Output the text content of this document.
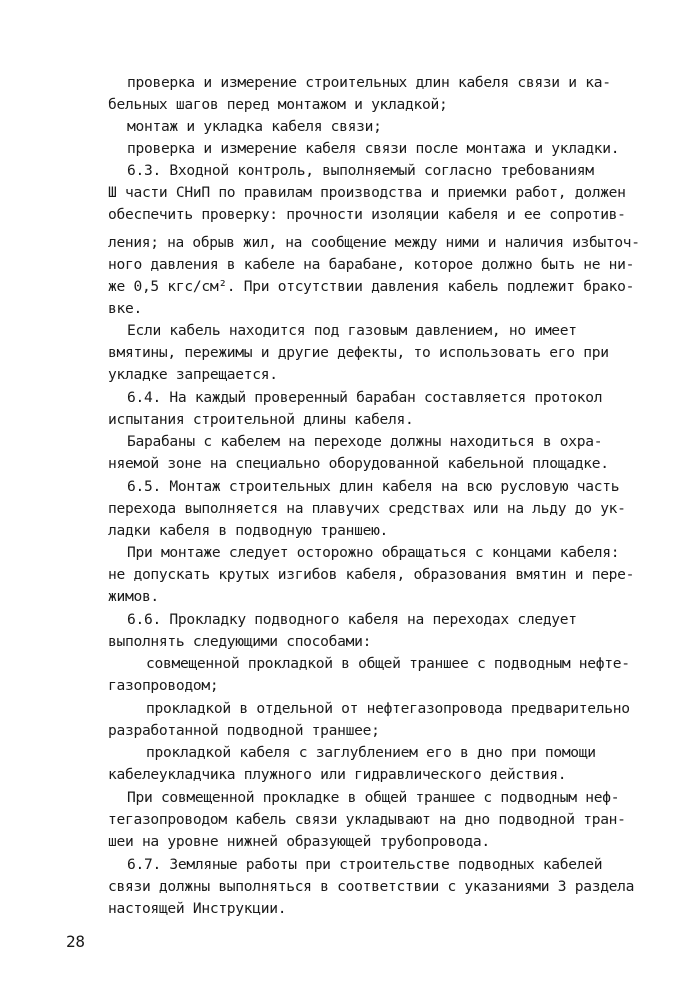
проверка и измерение строительных длин кабеля связи и ка-
бельных шагов перед монтажом и укладкой;
монтаж и укладка кабеля связи;
проверка и измерение кабеля связи после монтажа и укладки.
6.3. Входной контроль, выполняемый согласно требованиям
Ш части СНиП по правилам производства и приемки работ, должен
обеспечить проверку: прочности изоляции кабеля и ее сопротив-
ления; на обрыв жил, на сообщение между ними и наличия избыточ-
ного давления в кабеле на барабане, которое должно быть не ни-
же 0,5 кгс/см². При отсутствии давления кабель подлежит брако-
вке.
Если кабель находится под газовым давлением, но имеет
вмятины, пережимы и другие дефекты, то использовать его при
укладке запрещается.
6.4. На каждый проверенный барабан составляется протокол
испытания строительной длины кабеля.
Барабаны с кабелем на переходе должны находиться в охра-
няемой зоне на специально оборудованной кабельной площадке.
6.5. Монтаж строительных длин кабеля на всю русловую часть
перехода выполняется на плавучих средствах или на льду до ук-
ладки кабеля в подводную траншею.
При монтаже следует осторожно обращаться с концами кабеля:
не допускать крутых изгибов кабеля, образования вмятин и пере-
жимов.
6.6. Прокладку подводного кабеля на переходах следует
выполнять следующими способами:
совмещенной прокладкой в общей траншее с подводным нефте-
газопроводом;
прокладкой в отдельной от нефтегазопровода предварительно
разработанной подводной траншее;
прокладкой кабеля с заглублением его в дно при помощи
кабелеукладчика плужного или гидравлического действия.
При совмещенной прокладке в общей траншее с подводным неф-
тегазопроводом кабель связи укладывают на дно подводной тран-
шеи на уровне нижней образующей трубопровода.
6.7. Земляные работы при строительстве подводных кабелей
связи должны выполняться в соответствии с указаниями 3 раздела
настоящей Инструкции.
28
